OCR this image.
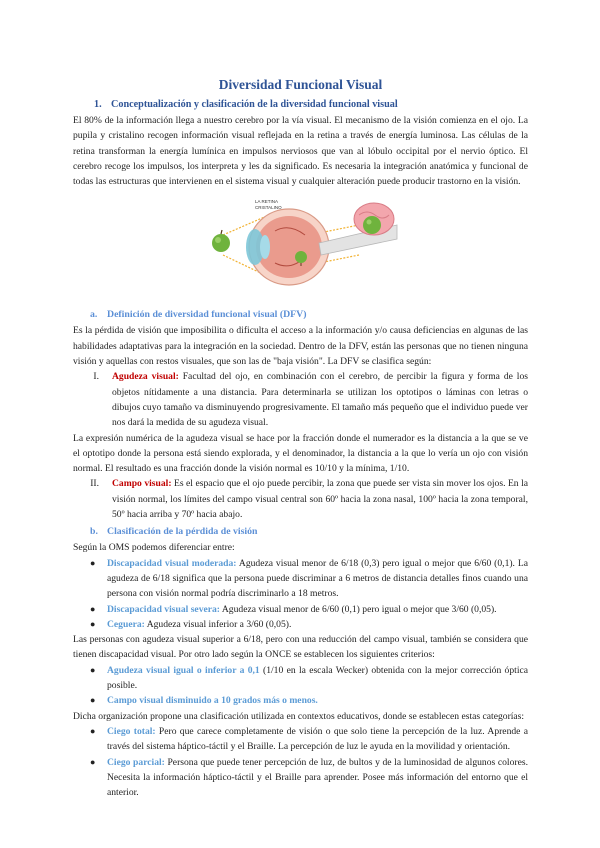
Diversidad Funcional Visual
1. Conceptualización y clasificación de la diversidad funcional visual

El 80% de la información llega a nuestro cerebro por la vía visual. El mecanismo de la visión comienza en el ojo. La pupila y cristalino recogen información visual reflejada en la retina a través de energía luminosa. Las células de la retina transforman la energía lumínica en impulsos nerviosos que van al lóbulo occipital por el nervio óptico. El cerebro recoge los impulsos, los interpreta y les da significado. Es necesaria la integración anatómica y funcional de todas las estructuras que intervienen en el sistema visual y cualquier alteración puede producir trastorno en la visión.

LA RETINA
CRISTALINO
a. Definición de diversidad funcional visual (DFV)

Es la pérdida de visión que imposibilita o dificulta el acceso a la información y/o causa deficiencias en algunas de las habilidades adaptativas para la integración en la sociedad. Dentro de la DFV, están las personas que no tienen ninguna visión y aquellas con restos visuales, que son las de "baja visión". La DFV se clasifica según:

I. Agudeza visual: Facultad del ojo, en combinación con el cerebro, de percibir la figura y forma de los objetos nítidamente a una distancia. Para determinarla se utilizan los optotipos o láminas con letras o dibujos cuyo tamaño va disminuyendo progresivamente. El tamaño más pequeño que el individuo puede ver nos dará la medida de su agudeza visual.

La expresión numérica de la agudeza visual se hace por la fracción donde el numerador es la distancia a la que se ve el optotipo donde la persona está siendo explorada, y el denominador, la distancia a la que lo vería un ojo con visión normal. El resultado es una fracción donde la visión normal es 10/10 y la mínima, 1/10.

II. Campo visual: Es el espacio que el ojo puede percibir, la zona que puede ser vista sin mover los ojos. En la visión normal, los límites del campo visual central son 60º hacia la zona nasal, 100º hacia la zona temporal, 50º hacia arriba y 70º hacia abajo.

b. Clasificación de la pérdida de visión

Según la OMS podemos diferenciar entre:

● Discapacidad visual moderada: Agudeza visual menor de 6/18 (0,3) pero igual o mejor que 6/60 (0,1). La agudeza de 6/18 significa que la persona puede discriminar a 6 metros de distancia detalles finos cuando una persona con visión normal podría discriminarlo a 18 metros.

● Discapacidad visual severa: Agudeza visual menor de 6/60 (0,1) pero igual o mejor que 3/60 (0,05).

● Ceguera: Agudeza visual inferior a 3/60 (0,05).

Las personas con agudeza visual superior a 6/18, pero con una reducción del campo visual, también se considera que tienen discapacidad visual. Por otro lado según la ONCE se establecen los siguientes criterios:

● Agudeza visual igual o inferior a 0,1 (1/10 en la escala Wecker) obtenida con la mejor corrección óptica posible.

● Campo visual disminuido a 10 grados más o menos.

Dicha organización propone una clasificación utilizada en contextos educativos, donde se establecen estas categorías:

● Ciego total: Pero que carece completamente de visión o que solo tiene la percepción de la luz. Aprende a través del sistema háptico-táctil y el Braille. La percepción de luz le ayuda en la movilidad y orientación.

● Ciego parcial: Persona que puede tener percepción de luz, de bultos y de la luminosidad de algunos colores. Necesita la información háptico-táctil y el Braille para aprender. Posee más información del entorno que el anterior.
